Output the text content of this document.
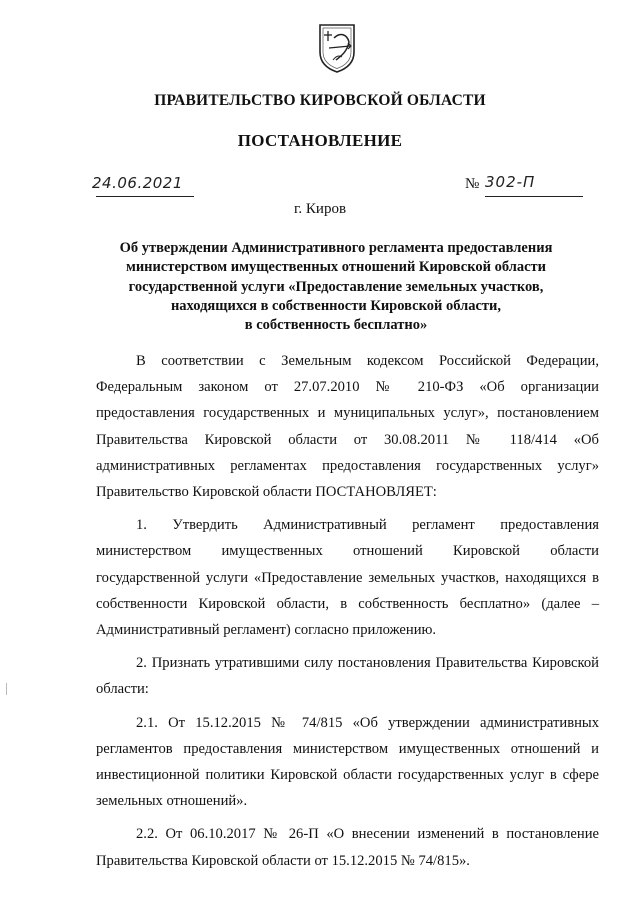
ПРАВИТЕЛЬСТВО КИРОВСКОЙ ОБЛАСТИ
ПОСТАНОВЛЕНИЕ
24.06.2021	№ 302-П
г. Киров
Об утверждении Административного регламента предоставления
министерством имущественных отношений Кировской области
государственной услуги «Предоставление земельных участков,
находящихся в собственности Кировской области,
в собственность бесплатно»

В соответствии с Земельным кодексом Российской Федерации, Федеральным законом от 27.07.2010 № 210-ФЗ «Об организации предоставления государственных и муниципальных услуг», постановлением Правительства Кировской области от 30.08.2011 № 118/414 «Об административных регламентах предоставления государственных услуг» Правительство Кировской области ПОСТАНОВЛЯЕТ:

1. Утвердить Административный регламент предоставления министерством имущественных отношений Кировской области государственной услуги «Предоставление земельных участков, находящихся в собственности Кировской области, в собственность бесплатно» (далее – Административный регламент) согласно приложению.

2. Признать утратившими силу постановления Правительства Кировской области:

2.1. От 15.12.2015 № 74/815 «Об утверждении административных регламентов предоставления министерством имущественных отношений и инвестиционной политики Кировской области государственных услуг в сфере земельных отношений».

2.2. От 06.10.2017 № 26-П «О внесении изменений в постановление Правительства Кировской области от 15.12.2015 № 74/815».
